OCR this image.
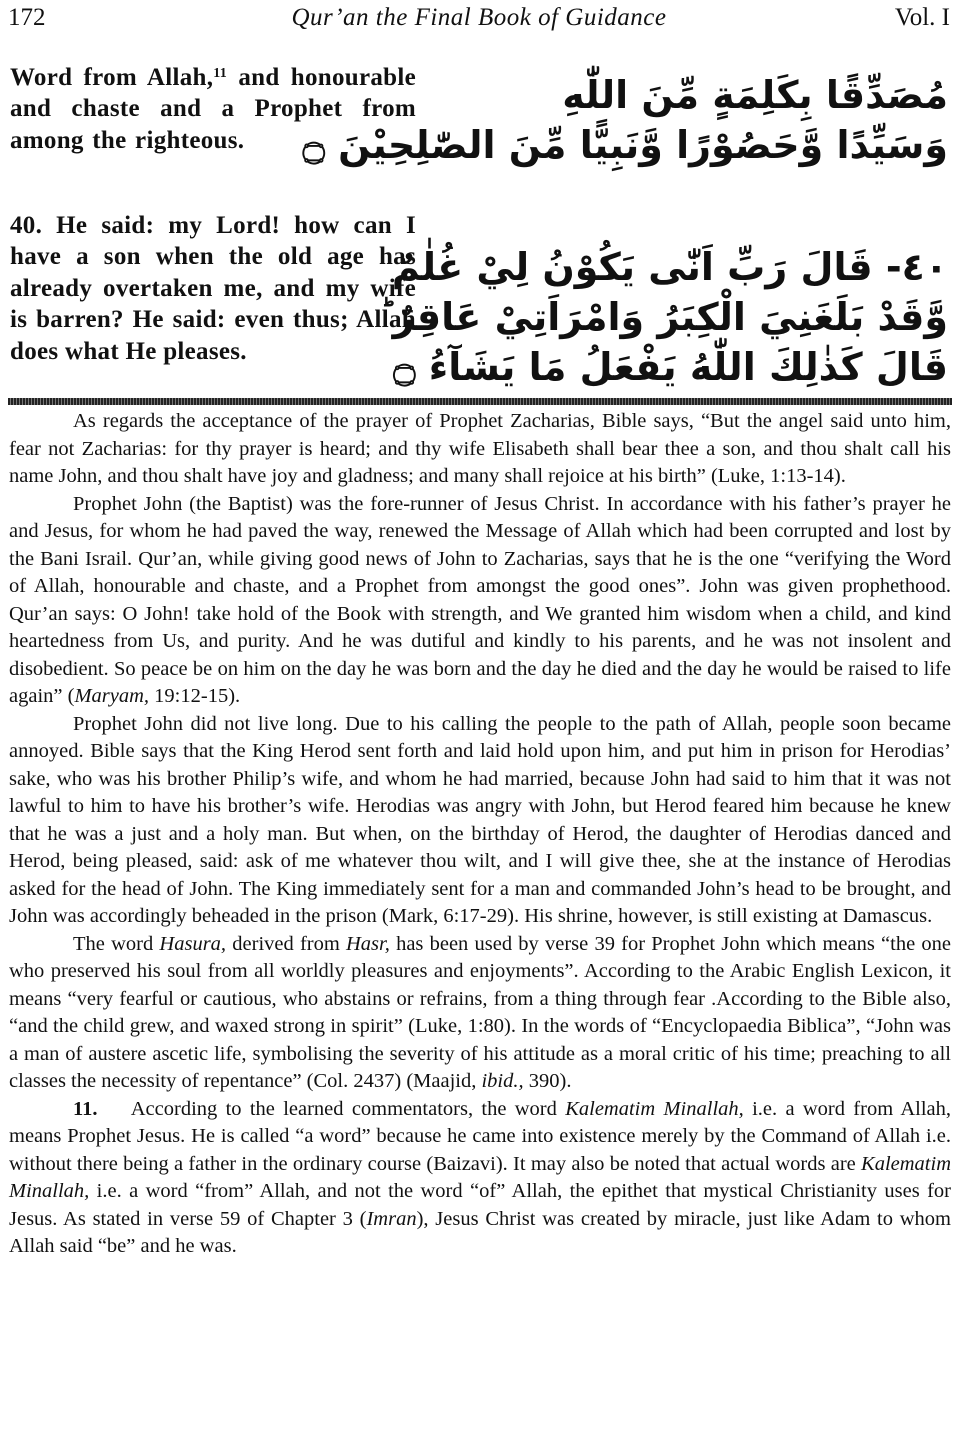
172	Qur’an the Final Book of Guidance	Vol. I
Word from Allah,$^{11}$ and honourable and chaste and a Prophet from among the righteous.
40. He said: my Lord! how can I have a son when the old age has already overtaken me, and my wife is barren? He said: even thus; Allah does what He pleases.
مُصَدِّقًا بِكَلِمَةٍ مِّنَ اللّٰهِ
وَسَيِّدًا وَّحَصُوْرًا وَّنَبِيًّا مِّنَ الصّٰلِحِيْنَ ۝
٤٠- قَالَ رَبِّ اَنّٰى يَكُوْنُ لِيْ غُلٰمٌ
وَّقَدْ بَلَغَنِيَ الْكِبَرُ وَامْرَاَتِيْ عَاقِرٌ ؕ
قَالَ كَذٰلِكَ اللّٰهُ يَفْعَلُ مَا يَشَآءُ ۝

As regards the acceptance of the prayer of Prophet Zacharias, Bible says, “But the angel said unto him, fear not Zacharias: for thy prayer is heard; and thy wife Elisabeth shall bear thee a son, and thou shalt call his name John, and thou shalt have joy and gladness; and many shall rejoice at his birth” (Luke, 1:13-14).

Prophet John (the Baptist) was the fore-runner of Jesus Christ. In accordance with his father’s prayer he and Jesus, for whom he had paved the way, renewed the Message of Allah which had been corrupted and lost by the Bani Israil. Qur’an, while giving good news of John to Zacharias, says that he is the one “verifying the Word of Allah, honourable and chaste, and a Prophet from amongst the good ones”. John was given prophethood. Qur’an says: O John! take hold of the Book with strength, and We granted him wisdom when a child, and kind heartedness from Us, and purity. And he was dutiful and kindly to his parents, and he was not insolent and disobedient. So peace be on him on the day he was born and the day he died and the day he would be raised to life again” (Maryam, 19:12-15).

Prophet John did not live long. Due to his calling the people to the path of Allah, people soon became annoyed. Bible says that the King Herod sent forth and laid hold upon him, and put him in prison for Herodias’ sake, who was his brother Philip’s wife, and whom he had married, because John had said to him that it was not lawful to him to have his brother’s wife. Herodias was angry with John, but Herod feared him because he knew that he was a just and a holy man. But when, on the birthday of Herod, the daughter of Herodias danced and Herod, being pleased, said: ask of me whatever thou wilt, and I will give thee, she at the instance of Herodias asked for the head of John. The King immediately sent for a man and commanded John’s head to be brought, and John was accordingly beheaded in the prison (Mark, 6:17-29). His shrine, however, is still existing at Damascus.

The word Hasura, derived from Hasr, has been used by verse 39 for Prophet John which means “the one who preserved his soul from all worldly pleasures and enjoyments”. According to the Arabic English Lexicon, it means “very fearful or cautious, who abstains or refrains, from a thing through fear .According to the Bible also, “and the child grew, and waxed strong in spirit” (Luke, 1:80). In the words of “Encyclopaedia Biblica”, “John was a man of austere ascetic life, symbolising the severity of his attitude as a moral critic of his time; preaching to all classes the necessity of repentance” (Col. 2437) (Maajid, ibid., 390).

11. According to the learned commentators, the word Kalematim Minallah, i.e. a word from Allah, means Prophet Jesus. He is called “a word” because he came into existence merely by the Command of Allah i.e. without there being a father in the ordinary course (Baizavi). It may also be noted that actual words are Kalematim Minallah, i.e. a word “from” Allah, and not the word “of” Allah, the epithet that mystical Christianity uses for Jesus. As stated in verse 59 of Chapter 3 (Imran), Jesus Christ was created by miracle, just like Adam to whom Allah said “be” and he was.
